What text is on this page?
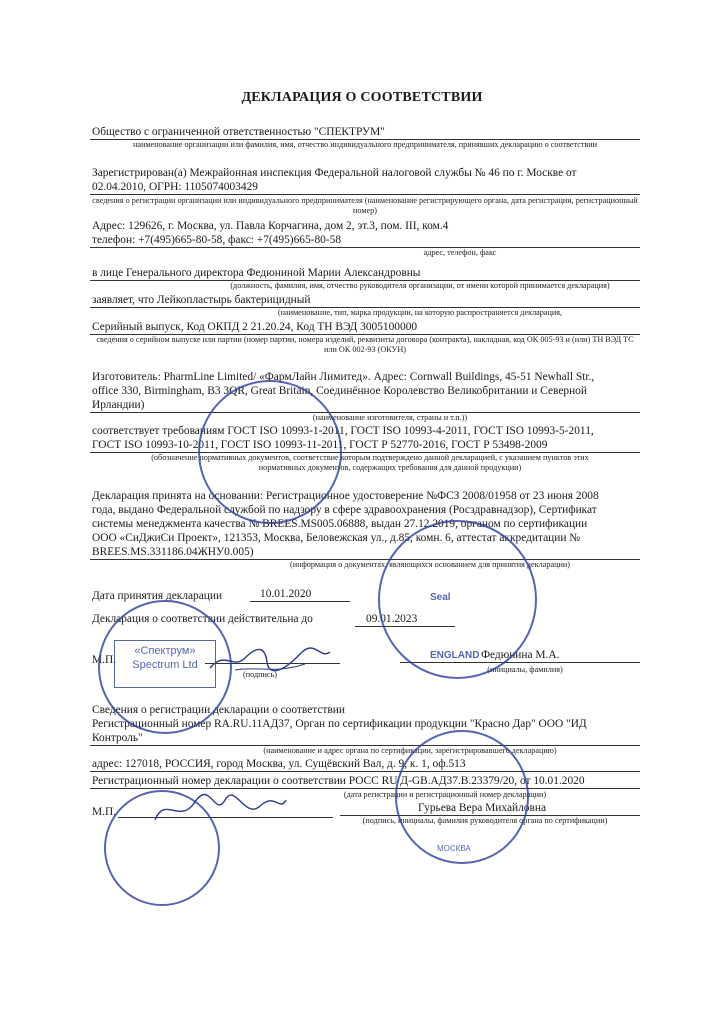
ДЕКЛАРАЦИЯ О СООТВЕТСТВИИ
Общество с ограниченной ответственностью "СПЕКТРУМ"
наименование организации или фамилия, имя, отчество индивидуального предпринимателя, принявших декларацию о соответствии
Зарегистрирован(а) Межрайонная инспекция Федеральной налоговой службы № 46 по г. Москве от
02.04.2010, ОГРН: 1105074003429
сведения о регистрации организации или индивидуального предпринимателя (наименование регистрирующего органа, дата регистрации, регистрационный номер)
Адрес: 129626, г. Москва, ул. Павла Корчагина, дом 2, эт.3, пом. III, ком.4
телефон: +7(495)665-80-58, факс: +7(495)665-80-58
адрес, телефон, факс
в лице Генерального директора Федюниной Марии Александровны
(должность, фамилия, имя, отчество руководителя организации, от имени которой принимается декларация)
заявляет, что Лейкопластырь бактерицидный
(наименование, тип, марка продукции, на которую распространяется декларация,
Серийный выпуск, Код ОКПД 2 21.20.24, Код ТН ВЭД 3005100000
сведения о серийном выпуске или партии (номер партии, номера изделий, реквизиты договора (контракта), накладная, код ОК 005-93 и (или) ТН ВЭД ТС или ОК 002-93 (ОКУН)
Изготовитель: PharmLine Limited/ «ФармЛайн Лимитед». Адрес: Cornwall Buildings, 45-51 Newhall Str.,
office 330, Birmingham, B3 3QR, Great Britain, Соединённое Королевство Великобритании и Северной
Ирландии)
(наименование изготовителя, страны и т.п.))
соответствует требованиям ГОСТ ISO 10993-1-2011, ГОСТ ISO 10993-4-2011, ГОСТ ISO 10993-5-2011,
ГОСТ ISO 10993-10-2011, ГОСТ ISO 10993-11-2011, ГОСТ Р 52770-2016, ГОСТ Р 53498-2009
(обозначение нормативных документов, соответствие которым подтверждено данной декларацией, с указанием пунктов этих
нормативных документов, содержащих требования для данной продукции)
Декларация принята на основании: Регистрационное удостоверение №ФСЗ 2008/01958 от 23 июня 2008
года, выдано Федеральной службой по надзору в сфере здравоохранения (Росздравнадзор), Сертификат
системы менеджмента качества № BREES.MS005.06888, выдан 27.12.2019, органом по сертификации
ООО «СиДжиСи Проект», 121353, Москва, Беловежская ул., д.85, комн. 6, аттестат аккредитации №
BREES.MS.331186.04ЖНУ0.005)
(информация о документах, являющихся основанием для принятия декларации)
Дата принятия декларации	10.01.2020
Декларация о соответствии действительна до	09.01.2023
М.П.
(подпись)
Федюнина М.А.
(инициалы, фамилия)
Сведения о регистрации декларации о соответствии
Регистрационный номер RA.RU.11АД37, Орган по сертификации продукции "Красно Дар" ООО "ИД
Контроль"
(наименование и адрес органа по сертификации, зарегистрировавшего декларацию)
адрес: 127018, РОССИЯ, город Москва, ул. Сущёвский Вал, д. 9, к. 1, оф.513
Регистрационный номер декларации о соответствии РОСС RU Д-GB.АД37.В.23379/20, от 10.01.2020
(дата регистрации и регистрационный номер декларации)
М.П.	Гурьева Вера Михайловна
(подпись, инициалы, фамилия руководителя органа по сертификации)
«Спектрум»
Spectrum Ltd
Seal
ENGLAND
МОСКВА
